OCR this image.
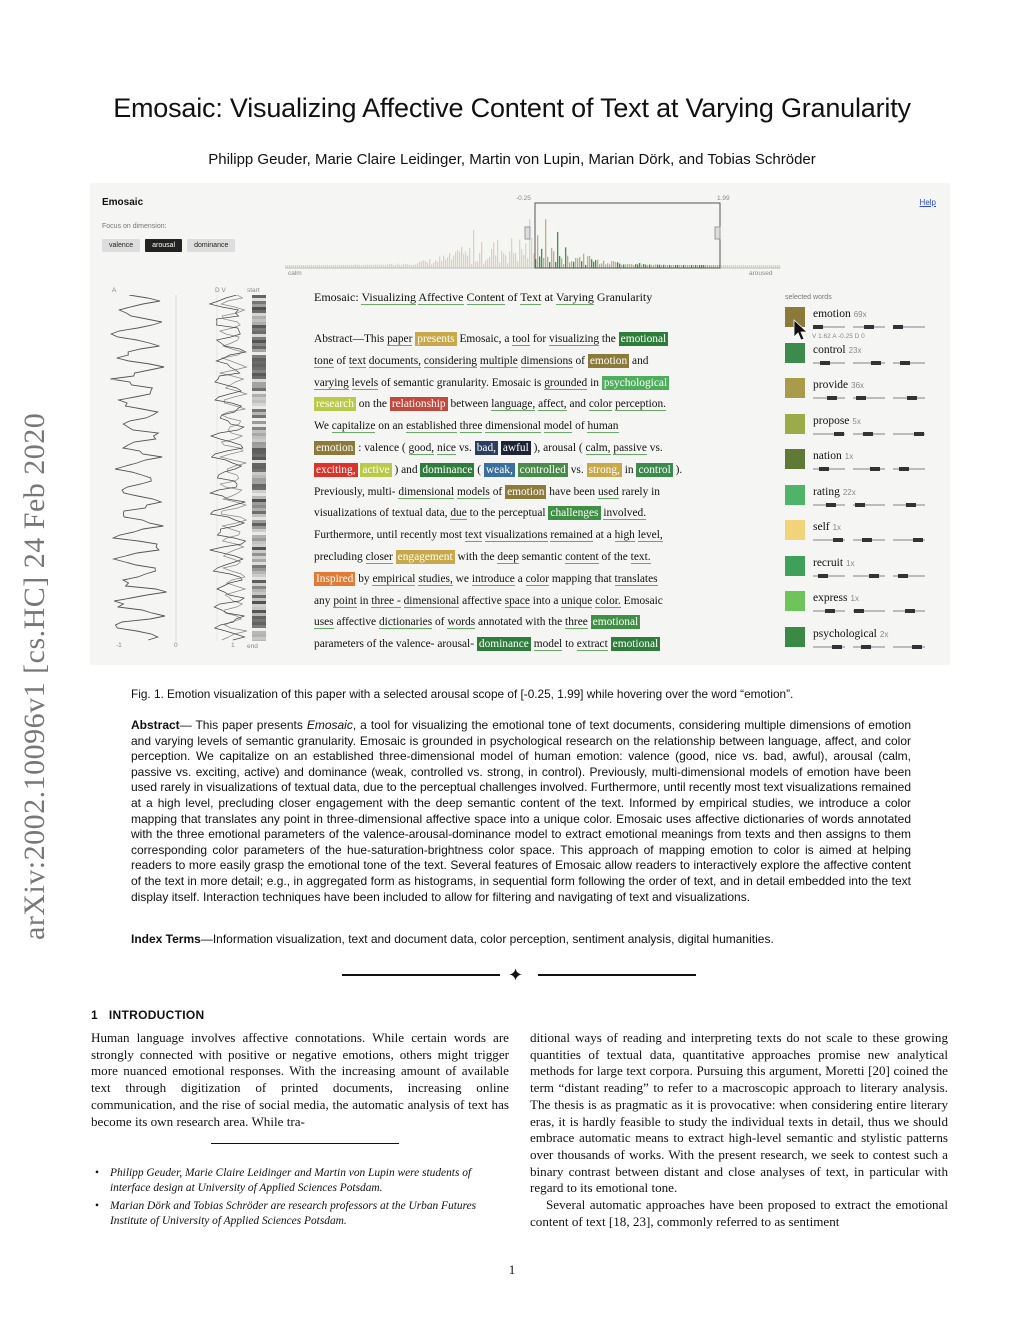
Emosaic: Visualizing Affective Content of Text at Varying Granularity
Philipp Geuder, Marie Claire Leidinger, Martin von Lupin, Marian Dörk, and Tobias Schröder
arXiv:2002.10096v1 [cs.HC] 24 Feb 2020
Emosaic
Focus on dimension:
valence	arousal	dominance
Help
-0.25	1.99
calm	aroused
A	D V	start
end
-1	0	1
Emosaic: Visualizing Affective Content of Text at Varying Granularity
Abstract—This paper presents Emosaic, a tool for visualizing the emotional
tone of text documents, considering multiple dimensions of emotion and
varying levels of semantic granularity. Emosaic is grounded in psychological
research on the relationship between language, affect, and color perception.
We capitalize on an established three dimensional model of human
emotion : valence ( good, nice vs. bad, awful ), arousal ( calm, passive vs.
exciting, active ) and dominance ( weak, controlled vs. strong, in control ).
Previously, multi- dimensional models of emotion have been used rarely in
visualizations of textual data, due to the perceptual challenges involved.
Furthermore, until recently most text visualizations remained at a high level,
precluding closer engagement with the deep semantic content of the text.
Inspired by empirical studies, we introduce a color mapping that translates
any point in three - dimensional affective space into a unique color. Emosaic
uses affective dictionaries of words annotated with the three emotional
parameters of the valence- arousal- dominance model to extract emotional
selected words
emotion 69x
control 23x
provide 36x
propose 5x
nation 1x
rating 22x
self 1x
recruit 1x
express 1x
psychological 2x
V 1.62 A -0.25 D 0
Fig. 1. Emotion visualization of this paper with a selected arousal scope of [-0.25, 1.99] while hovering over the word “emotion”.
Abstract— This paper presents Emosaic, a tool for visualizing the emotional tone of text documents, considering multiple dimensions of emotion and varying levels of semantic granularity. Emosaic is grounded in psychological research on the relationship between language, affect, and color perception. We capitalize on an established three-dimensional model of human emotion: valence (good, nice vs. bad, awful), arousal (calm, passive vs. exciting, active) and dominance (weak, controlled vs. strong, in control). Previously, multi-dimensional models of emotion have been used rarely in visualizations of textual data, due to the perceptual challenges involved. Furthermore, until recently most text visualizations remained at a high level, precluding closer engagement with the deep semantic content of the text. Informed by empirical studies, we introduce a color mapping that translates any point in three-dimensional affective space into a unique color. Emosaic uses affective dictionaries of words annotated with the three emotional parameters of the valence-arousal-dominance model to extract emotional meanings from texts and then assigns to them corresponding color parameters of the hue-saturation-brightness color space. This approach of mapping emotion to color is aimed at helping readers to more easily grasp the emotional tone of the text. Several features of Emosaic allow readers to interactively explore the affective content of the text in more detail; e.g., in aggregated form as histograms, in sequential form following the order of text, and in detail embedded into the text display itself. Interaction techniques have been included to allow for filtering and navigating of text and visualizations.
Index Terms—Information visualization, text and document data, color perception, sentiment analysis, digital humanities.
✦
1 INTRODUCTION
Human language involves affective connotations. While certain words are strongly connected with positive or negative emotions, others might trigger more nuanced emotional responses. With the increasing amount of available text through digitization of printed documents, increasing online communication, and the rise of social media, the automatic analysis of text has become its own research area. While tra-
• Philipp Geuder, Marie Claire Leidinger and Martin von Lupin were students of interface design at University of Applied Sciences Potsdam.
• Marian Dörk and Tobias Schröder are research professors at the Urban Futures Institute of University of Applied Sciences Potsdam.
ditional ways of reading and interpreting texts do not scale to these growing quantities of textual data, quantitative approaches promise new analytical methods for large text corpora. Pursuing this argument, Moretti [20] coined the term “distant reading” to refer to a macroscopic approach to literary analysis. The thesis is as pragmatic as it is provocative: when considering entire literary eras, it is hardly feasible to study the individual texts in detail, thus we should embrace automatic means to extract high-level semantic and stylistic patterns over thousands of works. With the present research, we seek to contest such a binary contrast between distant and close analyses of text, in particular with regard to its emotional tone.
Several automatic approaches have been proposed to extract the emotional content of text [18, 23], commonly referred to as sentiment
1
